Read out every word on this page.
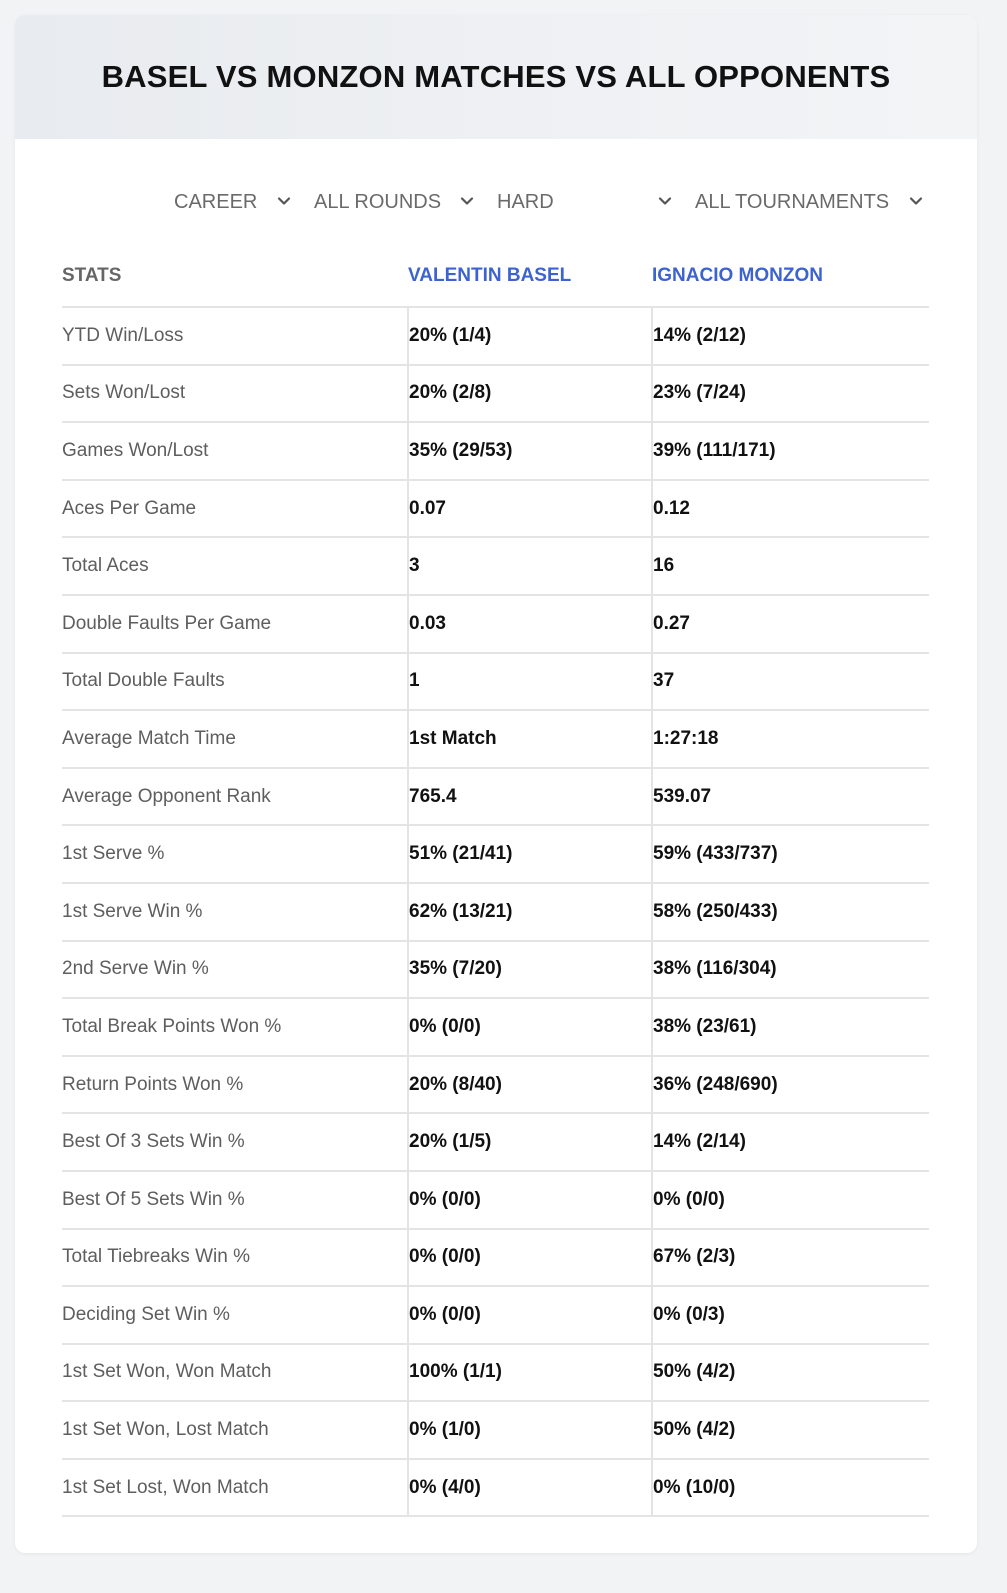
BASEL VS MONZON MATCHES VS ALL OPPONENTS
CAREER	ALL ROUNDS	HARD	ALL TOURNAMENTS
STATS	VALENTIN BASEL	IGNACIO MONZON
YTD Win/Loss	20% (1/4)	14% (2/12)
Sets Won/Lost	20% (2/8)	23% (7/24)
Games Won/Lost	35% (29/53)	39% (111/171)
Aces Per Game	0.07	0.12
Total Aces	3	16
Double Faults Per Game	0.03	0.27
Total Double Faults	1	37
Average Match Time	1st Match	1:27:18
Average Opponent Rank	765.4	539.07
1st Serve %	51% (21/41)	59% (433/737)
1st Serve Win %	62% (13/21)	58% (250/433)
2nd Serve Win %	35% (7/20)	38% (116/304)
Total Break Points Won %	0% (0/0)	38% (23/61)
Return Points Won %	20% (8/40)	36% (248/690)
Best Of 3 Sets Win %	20% (1/5)	14% (2/14)
Best Of 5 Sets Win %	0% (0/0)	0% (0/0)
Total Tiebreaks Win %	0% (0/0)	67% (2/3)
Deciding Set Win %	0% (0/0)	0% (0/3)
1st Set Won, Won Match	100% (1/1)	50% (4/2)
1st Set Won, Lost Match	0% (1/0)	50% (4/2)
1st Set Lost, Won Match	0% (4/0)	0% (10/0)
